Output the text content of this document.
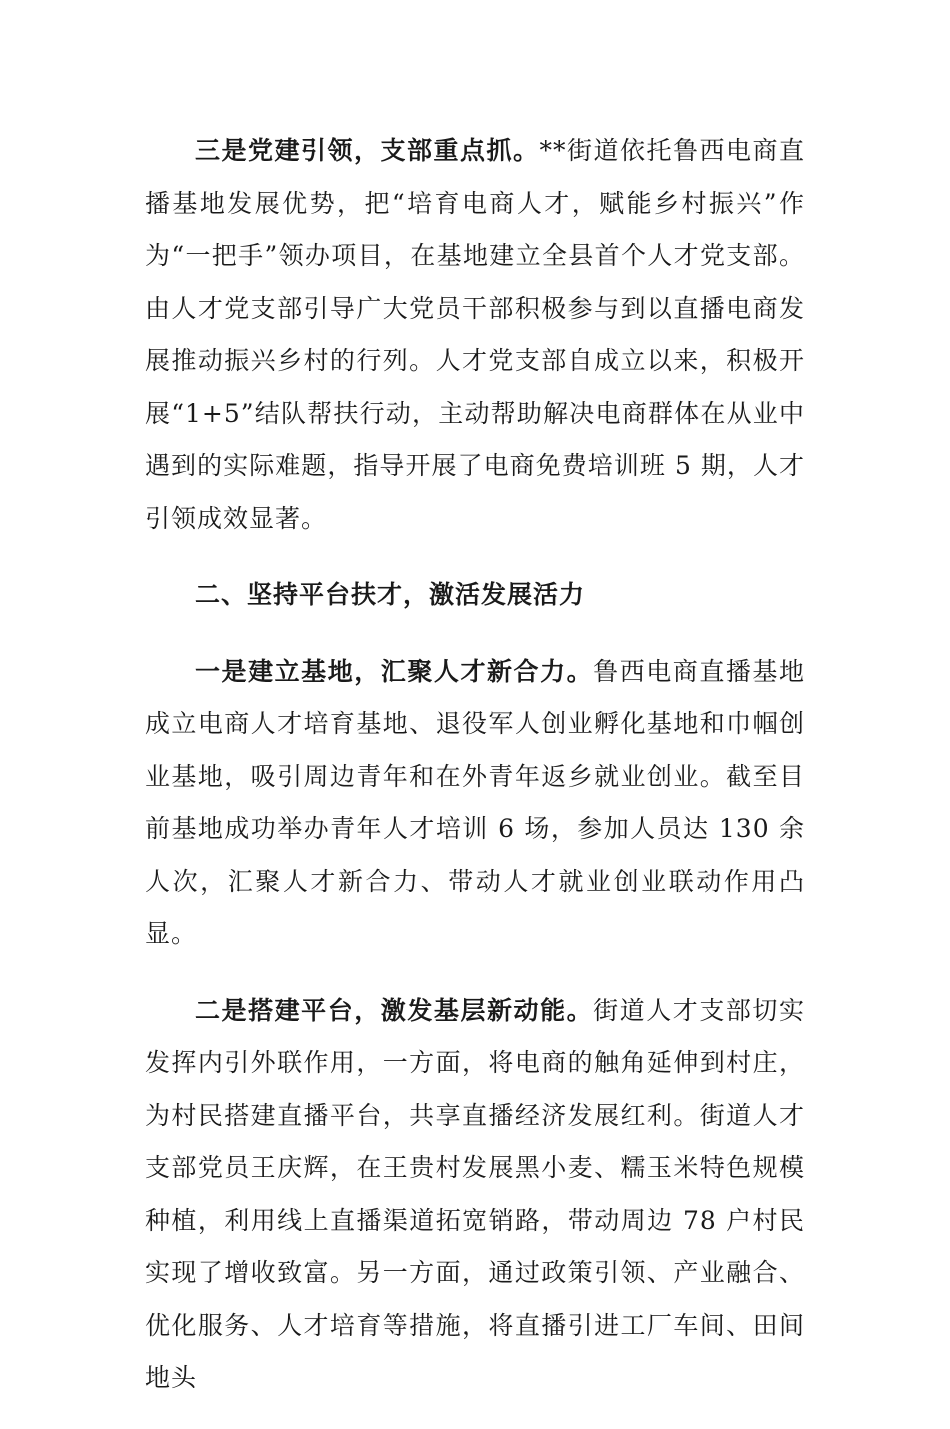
三是党建引领，支部重点抓。**街道依托鲁西电商直播基地发展优势，把“培育电商人才，赋能乡村振兴”作为“一把手”领办项目，在基地建立全县首个人才党支部。由人才党支部引导广大党员干部积极参与到以直播电商发展推动振兴乡村的行列。人才党支部自成立以来，积极开展“1+5”结队帮扶行动，主动帮助解决电商群体在从业中遇到的实际难题，指导开展了电商免费培训班 5 期，人才引领成效显著。

二、坚持平台扶才，激活发展活力

一是建立基地，汇聚人才新合力。鲁西电商直播基地成立电商人才培育基地、退役军人创业孵化基地和巾帼创业基地，吸引周边青年和在外青年返乡就业创业。截至目前基地成功举办青年人才培训 6 场，参加人员达 130 余人次，汇聚人才新合力、带动人才就业创业联动作用凸显。

二是搭建平台，激发基层新动能。街道人才支部切实发挥内引外联作用，一方面，将电商的触角延伸到村庄，为村民搭建直播平台，共享直播经济发展红利。街道人才支部党员王庆辉，在王贵村发展黑小麦、糯玉米特色规模种植，利用线上直播渠道拓宽销路，带动周边 78 户村民实现了增收致富。另一方面，通过政策引领、产业融合、优化服务、人才培育等措施，将直播引进工厂车间、田间地头
